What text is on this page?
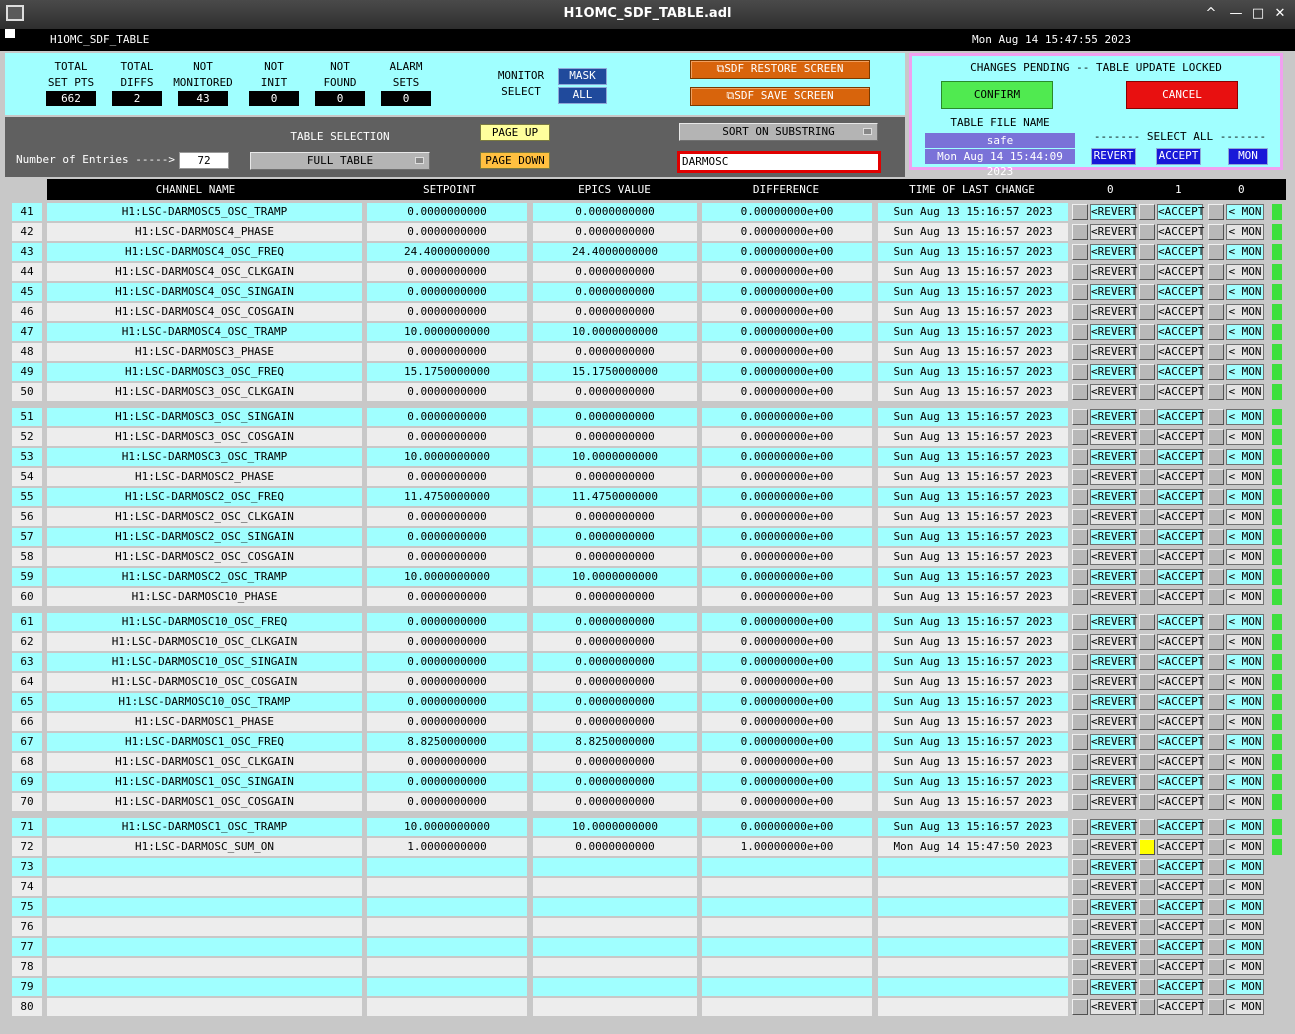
H1OMC_SDF_TABLE.adl	^ — □ ✕
H1OMC_SDF_TABLE	Mon Aug 14 15:47:55 2023
TOTAL
SET PTS
662
TOTAL
DIFFS
2
NOT
MONITORED
43
NOT
INIT
0
NOT
FOUND
0
ALARM
SETS
0
MONITOR
SELECT
MASK
ALL
⧉SDF RESTORE SCREEN
⧉SDF SAVE SCREEN
CHANGES PENDING -- TABLE UPDATE LOCKED
CONFIRM	CANCEL
TABLE FILE NAME
safe
Mon Aug 14 15:44:09 2023
------- SELECT ALL -------
REVERT ACCEPT	MON
Number of Entries ----->	72
TABLE SELECTION
FULL TABLE
PAGE UP
PAGE DOWN
SORT ON SUBSTRING
DARMOSC
CHANNEL NAME	SETPOINT	EPICS VALUE	DIFFERENCE	TIME OF LAST CHANGE	0	1	0
41	H1:LSC-DARMOSC5_OSC_TRAMP	0.0000000000	0.0000000000	0.00000000e+00	Sun Aug 13 15:16:57 2023	<REVERT <ACCEPT < MON
42	H1:LSC-DARMOSC4_PHASE	0.0000000000	0.0000000000	0.00000000e+00	Sun Aug 13 15:16:57 2023	<REVERT <ACCEPT < MON
43	H1:LSC-DARMOSC4_OSC_FREQ	24.4000000000	24.4000000000	0.00000000e+00	Sun Aug 13 15:16:57 2023	<REVERT <ACCEPT < MON
44	H1:LSC-DARMOSC4_OSC_CLKGAIN	0.0000000000	0.0000000000	0.00000000e+00	Sun Aug 13 15:16:57 2023	<REVERT <ACCEPT < MON
45	H1:LSC-DARMOSC4_OSC_SINGAIN	0.0000000000	0.0000000000	0.00000000e+00	Sun Aug 13 15:16:57 2023	<REVERT <ACCEPT < MON
46	H1:LSC-DARMOSC4_OSC_COSGAIN	0.0000000000	0.0000000000	0.00000000e+00	Sun Aug 13 15:16:57 2023	<REVERT <ACCEPT < MON
47	H1:LSC-DARMOSC4_OSC_TRAMP	10.0000000000	10.0000000000	0.00000000e+00	Sun Aug 13 15:16:57 2023	<REVERT <ACCEPT < MON
48	H1:LSC-DARMOSC3_PHASE	0.0000000000	0.0000000000	0.00000000e+00	Sun Aug 13 15:16:57 2023	<REVERT <ACCEPT < MON
49	H1:LSC-DARMOSC3_OSC_FREQ	15.1750000000	15.1750000000	0.00000000e+00	Sun Aug 13 15:16:57 2023	<REVERT <ACCEPT < MON
50	H1:LSC-DARMOSC3_OSC_CLKGAIN	0.0000000000	0.0000000000	0.00000000e+00	Sun Aug 13 15:16:57 2023	<REVERT <ACCEPT < MON
51	H1:LSC-DARMOSC3_OSC_SINGAIN	0.0000000000	0.0000000000	0.00000000e+00	Sun Aug 13 15:16:57 2023	<REVERT <ACCEPT < MON
52	H1:LSC-DARMOSC3_OSC_COSGAIN	0.0000000000	0.0000000000	0.00000000e+00	Sun Aug 13 15:16:57 2023	<REVERT <ACCEPT < MON
53	H1:LSC-DARMOSC3_OSC_TRAMP	10.0000000000	10.0000000000	0.00000000e+00	Sun Aug 13 15:16:57 2023	<REVERT <ACCEPT < MON
54	H1:LSC-DARMOSC2_PHASE	0.0000000000	0.0000000000	0.00000000e+00	Sun Aug 13 15:16:57 2023	<REVERT <ACCEPT < MON
55	H1:LSC-DARMOSC2_OSC_FREQ	11.4750000000	11.4750000000	0.00000000e+00	Sun Aug 13 15:16:57 2023	<REVERT <ACCEPT < MON
56	H1:LSC-DARMOSC2_OSC_CLKGAIN	0.0000000000	0.0000000000	0.00000000e+00	Sun Aug 13 15:16:57 2023	<REVERT <ACCEPT < MON
57	H1:LSC-DARMOSC2_OSC_SINGAIN	0.0000000000	0.0000000000	0.00000000e+00	Sun Aug 13 15:16:57 2023	<REVERT <ACCEPT < MON
58	H1:LSC-DARMOSC2_OSC_COSGAIN	0.0000000000	0.0000000000	0.00000000e+00	Sun Aug 13 15:16:57 2023	<REVERT <ACCEPT < MON
59	H1:LSC-DARMOSC2_OSC_TRAMP	10.0000000000	10.0000000000	0.00000000e+00	Sun Aug 13 15:16:57 2023	<REVERT <ACCEPT < MON
60	H1:LSC-DARMOSC10_PHASE	0.0000000000	0.0000000000	0.00000000e+00	Sun Aug 13 15:16:57 2023	<REVERT <ACCEPT < MON
61	H1:LSC-DARMOSC10_OSC_FREQ	0.0000000000	0.0000000000	0.00000000e+00	Sun Aug 13 15:16:57 2023	<REVERT <ACCEPT < MON
62	H1:LSC-DARMOSC10_OSC_CLKGAIN	0.0000000000	0.0000000000	0.00000000e+00	Sun Aug 13 15:16:57 2023	<REVERT <ACCEPT < MON
63	H1:LSC-DARMOSC10_OSC_SINGAIN	0.0000000000	0.0000000000	0.00000000e+00	Sun Aug 13 15:16:57 2023	<REVERT <ACCEPT < MON
64	H1:LSC-DARMOSC10_OSC_COSGAIN	0.0000000000	0.0000000000	0.00000000e+00	Sun Aug 13 15:16:57 2023	<REVERT <ACCEPT < MON
65	H1:LSC-DARMOSC10_OSC_TRAMP	0.0000000000	0.0000000000	0.00000000e+00	Sun Aug 13 15:16:57 2023	<REVERT <ACCEPT < MON
66	H1:LSC-DARMOSC1_PHASE	0.0000000000	0.0000000000	0.00000000e+00	Sun Aug 13 15:16:57 2023	<REVERT <ACCEPT < MON
67	H1:LSC-DARMOSC1_OSC_FREQ	8.8250000000	8.8250000000	0.00000000e+00	Sun Aug 13 15:16:57 2023	<REVERT <ACCEPT < MON
68	H1:LSC-DARMOSC1_OSC_CLKGAIN	0.0000000000	0.0000000000	0.00000000e+00	Sun Aug 13 15:16:57 2023	<REVERT <ACCEPT < MON
69	H1:LSC-DARMOSC1_OSC_SINGAIN	0.0000000000	0.0000000000	0.00000000e+00	Sun Aug 13 15:16:57 2023	<REVERT <ACCEPT < MON
70	H1:LSC-DARMOSC1_OSC_COSGAIN	0.0000000000	0.0000000000	0.00000000e+00	Sun Aug 13 15:16:57 2023	<REVERT <ACCEPT < MON
71	H1:LSC-DARMOSC1_OSC_TRAMP	10.0000000000	10.0000000000	0.00000000e+00	Sun Aug 13 15:16:57 2023	<REVERT <ACCEPT < MON
72	H1:LSC-DARMOSC_SUM_ON	1.0000000000	0.0000000000	1.00000000e+00	Mon Aug 14 15:47:50 2023	<REVERT <ACCEPT < MON
73	<REVERT <ACCEPT < MON
74	<REVERT <ACCEPT < MON
75	<REVERT <ACCEPT < MON
76	<REVERT <ACCEPT < MON
77	<REVERT <ACCEPT < MON
78	<REVERT <ACCEPT < MON
79	<REVERT <ACCEPT < MON
80	<REVERT <ACCEPT < MON
